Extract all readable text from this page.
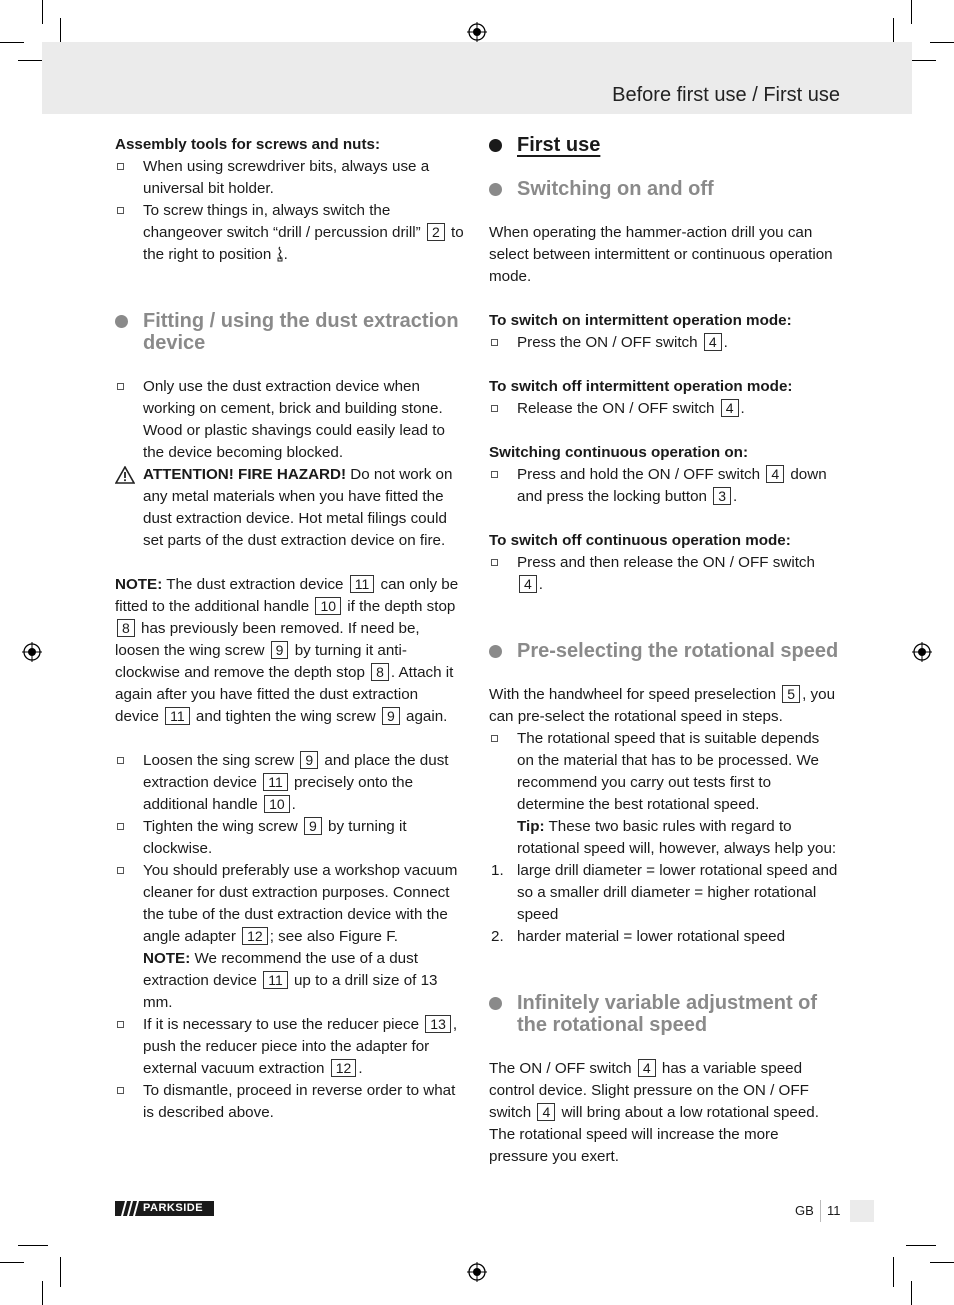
Before first use / First use

Assembly tools for screws and nuts:

When using screwdriver bits, always use a universal bit holder.

To screw things in, always switch the changeover switch “drill / percussion drill” 2 to the right to position .

Fitting / using the dust extraction device

Only use the dust extraction device when working on cement, brick and building stone. Wood or plastic shavings could easily lead to the device becoming blocked.

ATTENTION! FIRE HAZARD! Do not work on any metal materials when you have fitted the dust extraction device. Hot metal filings could set parts of the dust extraction device on fire.

NOTE: The dust extraction device 11 can only be fitted to the additional handle 10 if the depth stop 8 has previously been removed. If need be, loosen the wing screw 9 by turning it anti-clockwise and remove the depth stop 8 . Attach it again after you have fitted the dust extraction device 11 and tighten the wing screw 9 again.

Loosen the sing screw 9 and place the dust extraction device 11 precisely onto the additional handle 10 .

Tighten the wing screw 9 by turning it clockwise.

You should preferably use a workshop vacuum cleaner for dust extraction purposes. Connect the tube of the dust extraction device with the angle adapter 12 ; see also Figure F.
NOTE: We recommend the use of a dust extraction device 11 up to a drill size of 13 mm.

If it is necessary to use the reducer piece 13 , push the reducer piece into the adapter for external vacuum extraction 12 .

To dismantle, proceed in reverse order to what is described above.

First use

Switching on and off

When operating the hammer-action drill you can select between intermittent or continuous operation mode.

To switch on intermittent operation mode:

Press the ON / OFF switch 4 .

To switch off intermittent operation mode:

Release the ON / OFF switch 4 .

Switching continuous operation on:

Press and hold the ON / OFF switch 4 down and press the locking button 3 .

To switch off continuous operation mode:

Press and then release the ON / OFF switch 4 .

Pre-selecting the rotational speed

With the handwheel for speed preselection 5 , you can pre-select the rotational speed in steps.

The rotational speed that is suitable depends on the material that has to be processed. We recommend you carry out tests first to determine the best rotational speed.
Tip: These two basic rules with regard to rotational speed will, however, always help you:

1. large drill diameter = lower rotational speed and so a smaller drill diameter = higher rotational speed

2. harder material = lower rotational speed

Infinitely variable adjustment of the rotational speed

The ON / OFF switch 4 has a variable speed control device. Slight pressure on the ON / OFF switch 4 will bring about a low rotational speed. The rotational speed will increase the more pressure you exert.

PARKSIDE	GB 11
